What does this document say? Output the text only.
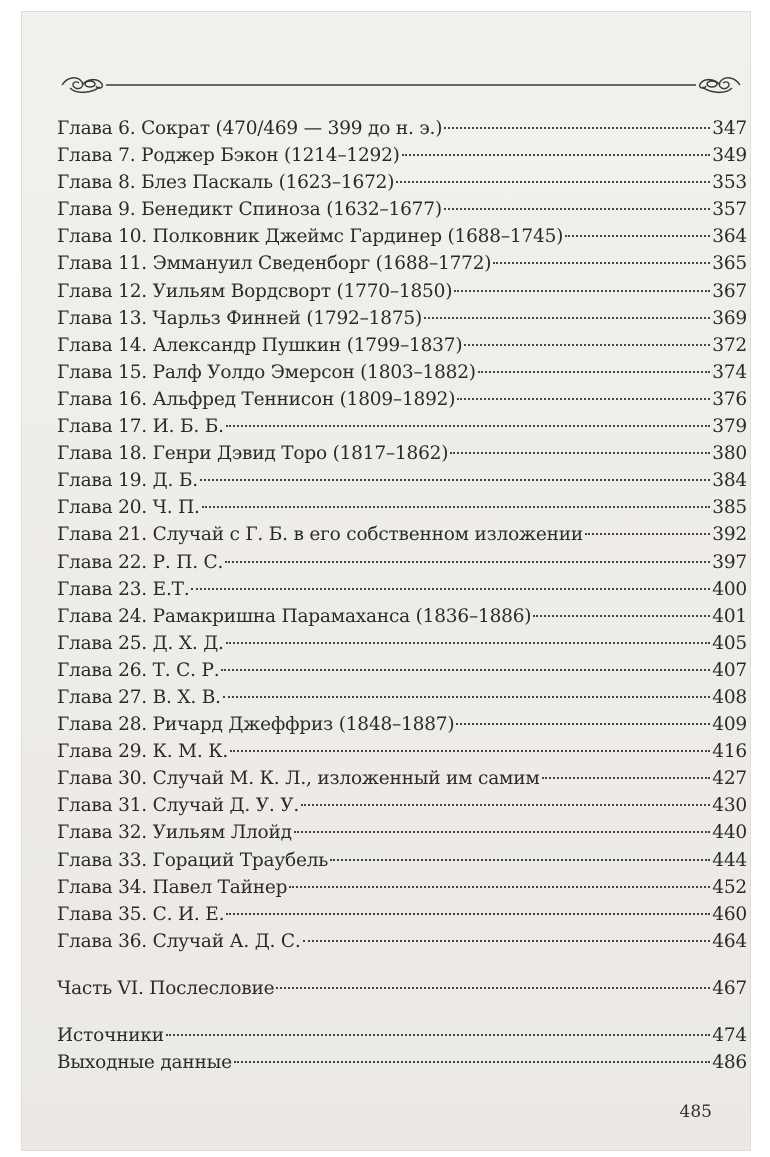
Глава 6. Сократ (470/469 — 399 до н. э.)	347
Глава 7. Роджер Бэкон (1214–1292)	349
Глава 8. Блез Паскаль (1623–1672)	353
Глава 9. Бенедикт Спиноза (1632–1677)	357
Глава 10. Полковник Джеймс Гардинер (1688–1745)	364
Глава 11. Эммануил Сведенборг (1688–1772)	365
Глава 12. Уильям Вордсворт (1770–1850)	367
Глава 13. Чарльз Финней (1792–1875)	369
Глава 14. Александр Пушкин (1799–1837)	372
Глава 15. Ралф Уолдо Эмерсон (1803–1882)	374
Глава 16. Альфред Теннисон (1809–1892)	376
Глава 17. И. Б. Б.	379
Глава 18. Генри Дэвид Торо (1817–1862)	380
Глава 19. Д. Б.	384
Глава 20. Ч. П.	385
Глава 21. Случай с Г. Б. в его собственном изложении	392
Глава 22. Р. П. С.	397
Глава 23. Е.Т.	400
Глава 24. Рамакришна Парамаханса (1836–1886)	401
Глава 25. Д. Х. Д.	405
Глава 26. Т. С. Р.	407
Глава 27. В. Х. В.	408
Глава 28. Ричард Джеффриз (1848–1887)	409
Глава 29. К. М. К.	416
Глава 30. Случай М. К. Л., изложенный им самим	427
Глава 31. Случай Д. У. У.	430
Глава 32. Уильям Ллойд	440
Глава 33. Гораций Траубель	444
Глава 34. Павел Тайнер	452
Глава 35. С. И. Е.	460
Глава 36. Случай А. Д. С.	464
Часть VI. Послесловие	467
Источники	474
Выходные данные	486
485
